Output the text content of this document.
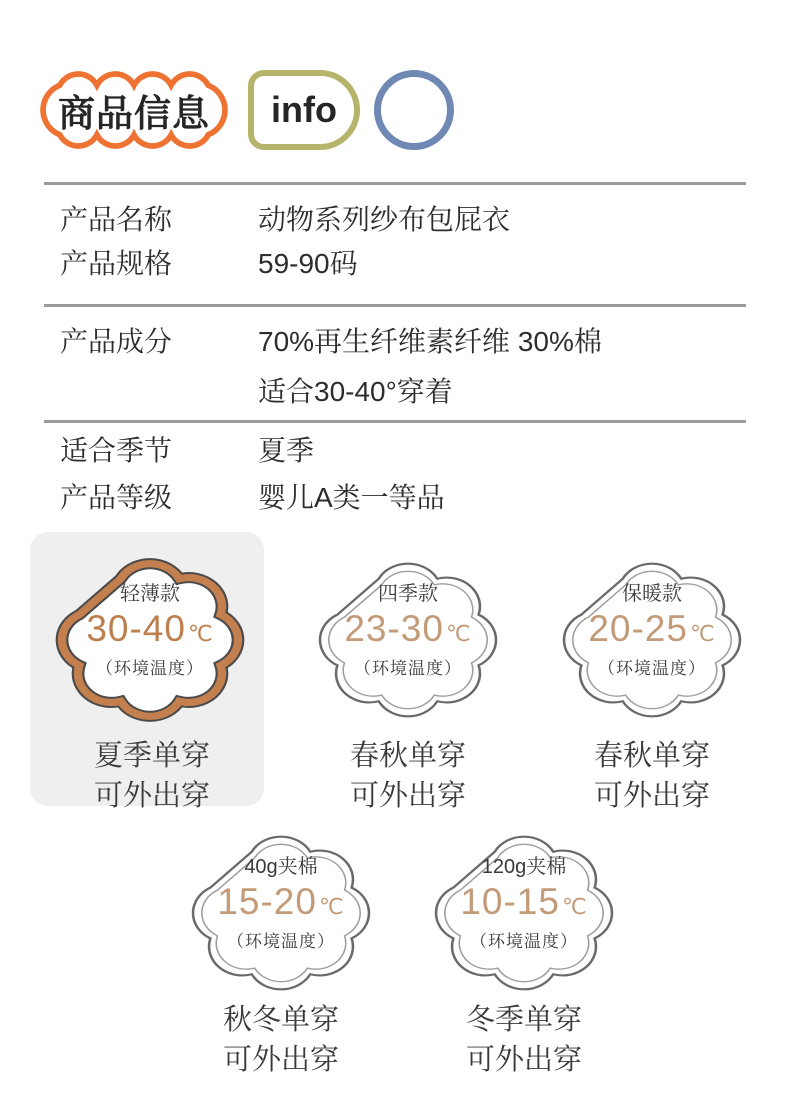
商品信息	info
产品名称	动物系列纱布包屁衣
产品规格	59-90码
产品成分	70%再生纤维素纤维 30%棉
适合30-40°穿着
适合季节	夏季
产品等级	婴儿A类一等品
轻薄款
30-40℃
（环境温度）
夏季单穿
可外出穿
四季款
23-30℃
（环境温度）
春秋单穿
可外出穿
保暖款
20-25℃
（环境温度）
春秋单穿
可外出穿
40g夹棉
15-20℃
（环境温度）
秋冬单穿
可外出穿
120g夹棉
10-15℃
（环境温度）
冬季单穿
可外出穿
